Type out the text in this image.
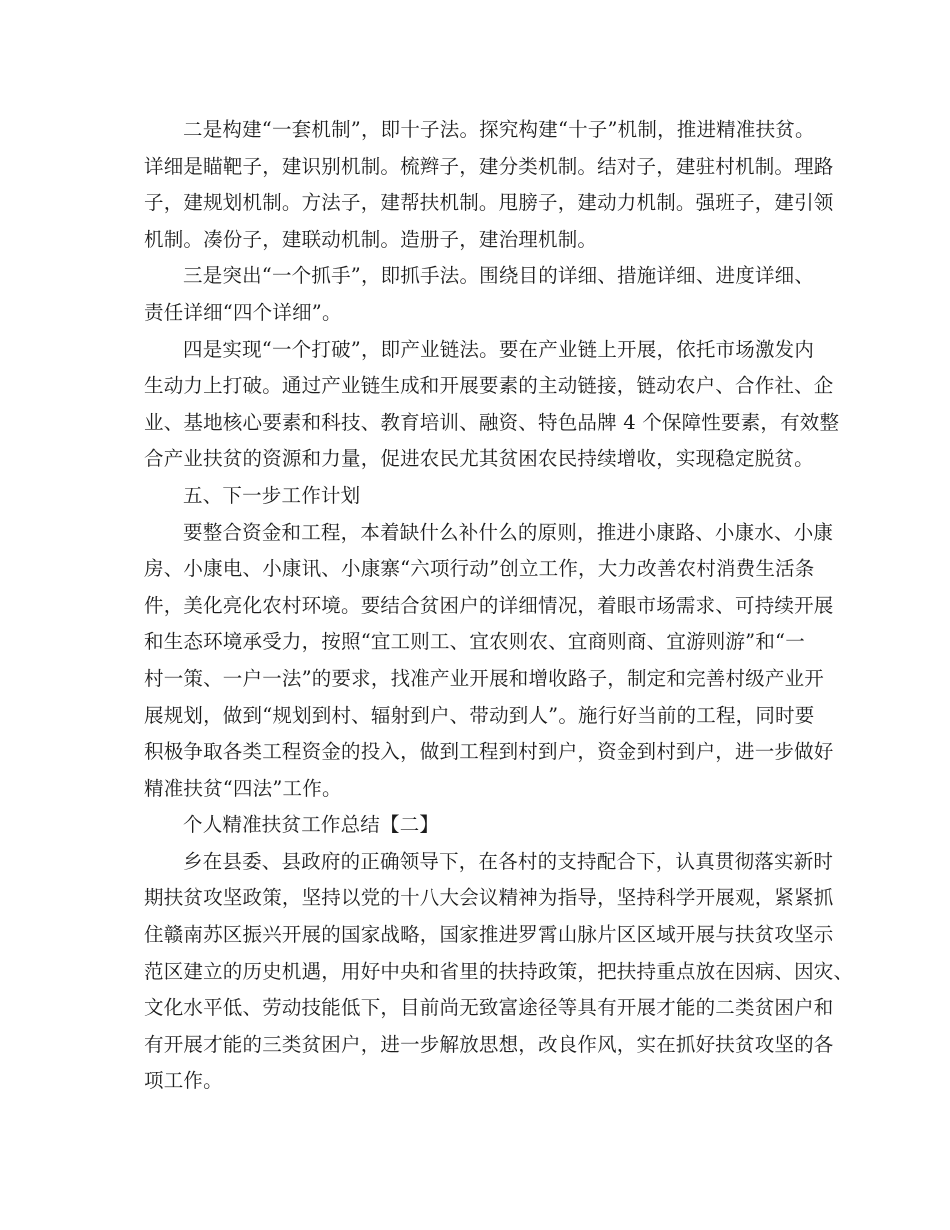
二是构建“一套机制”，即十子法。探究构建“十子”机制，推进精准扶贫。
详细是瞄靶子，建识别机制。梳辫子，建分类机制。结对子，建驻村机制。理路
子，建规划机制。方法子，建帮扶机制。甩膀子，建动力机制。强班子，建引领
机制。凑份子，建联动机制。造册子，建治理机制。
三是突出“一个抓手”，即抓手法。围绕目的详细、措施详细、进度详细、
责任详细“四个详细”。
四是实现“一个打破”，即产业链法。要在产业链上开展，依托市场激发内
生动力上打破。通过产业链生成和开展要素的主动链接，链动农户、合作社、企
业、基地核心要素和科技、教育培训、融资、特色品牌 4 个保障性要素，有效整
合产业扶贫的资源和力量，促进农民尤其贫困农民持续增收，实现稳定脱贫。
五、下一步工作计划
要整合资金和工程，本着缺什么补什么的原则，推进小康路、小康水、小康
房、小康电、小康讯、小康寨“六项行动”创立工作，大力改善农村消费生活条
件，美化亮化农村环境。要结合贫困户的详细情况，着眼市场需求、可持续开展
和生态环境承受力，按照“宜工则工、宜农则农、宜商则商、宜游则游”和“一
村一策、一户一法”的要求，找准产业开展和增收路子，制定和完善村级产业开
展规划，做到“规划到村、辐射到户、带动到人”。施行好当前的工程，同时要
积极争取各类工程资金的投入，做到工程到村到户，资金到村到户，进一步做好
精准扶贫“四法”工作。
个人精准扶贫工作总结【二】
乡在县委、县政府的正确领导下，在各村的支持配合下，认真贯彻落实新时
期扶贫攻坚政策，坚持以党的十八大会议精神为指导，坚持科学开展观，紧紧抓
住赣南苏区振兴开展的国家战略，国家推进罗霄山脉片区区域开展与扶贫攻坚示
范区建立的历史机遇，用好中央和省里的扶持政策，把扶持重点放在因病、因灾、
文化水平低、劳动技能低下，目前尚无致富途径等具有开展才能的二类贫困户和
有开展才能的三类贫困户，进一步解放思想，改良作风，实在抓好扶贫攻坚的各
项工作。
